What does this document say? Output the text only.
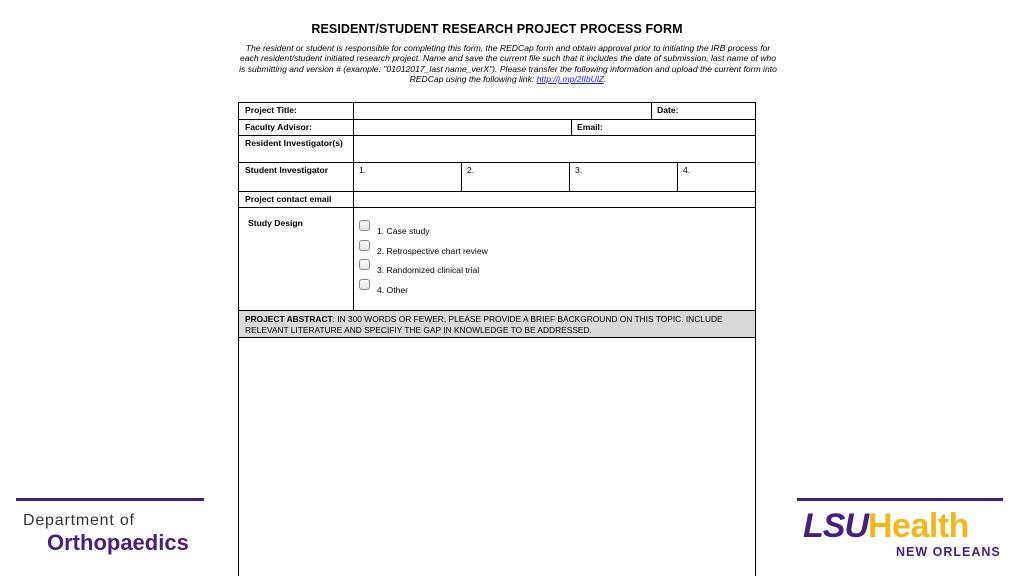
RESIDENT/STUDENT RESEARCH PROJECT PROCESS FORM
The resident or student is responsible for completing this form, the REDCap form and obtain approval prior to initiating the IRB process for each resident/student initiated research project. Name and save the current file such that it includes the date of submission, last name of who is submitting and version # (example: "01012017_last name_verX"). Please transfer the following information and upload the current form into REDCap using the following link: http://j.mp/2lIbUlZ.
Project Title:	Date:
Faculty Advisor:	Email:
Resident Investigator(s)
Student Investigator	1.	2.	3.	4.
Project contact email
Study Design
1. Case study
2. Retrospective chart review
3. Randomized clinical trial
4. Other
PROJECT ABSTRACT: IN 300 WORDS OR FEWER, PLEASE PROVIDE A BRIEF BACKGROUND ON THIS TOPIC. INCLUDE RELEVANT LITERATURE AND SPECIFIY THE GAP IN KNOWLEDGE TO BE ADDRESSED.
Department of
Orthopaedics	LSUHealth
NEW ORLEANS
